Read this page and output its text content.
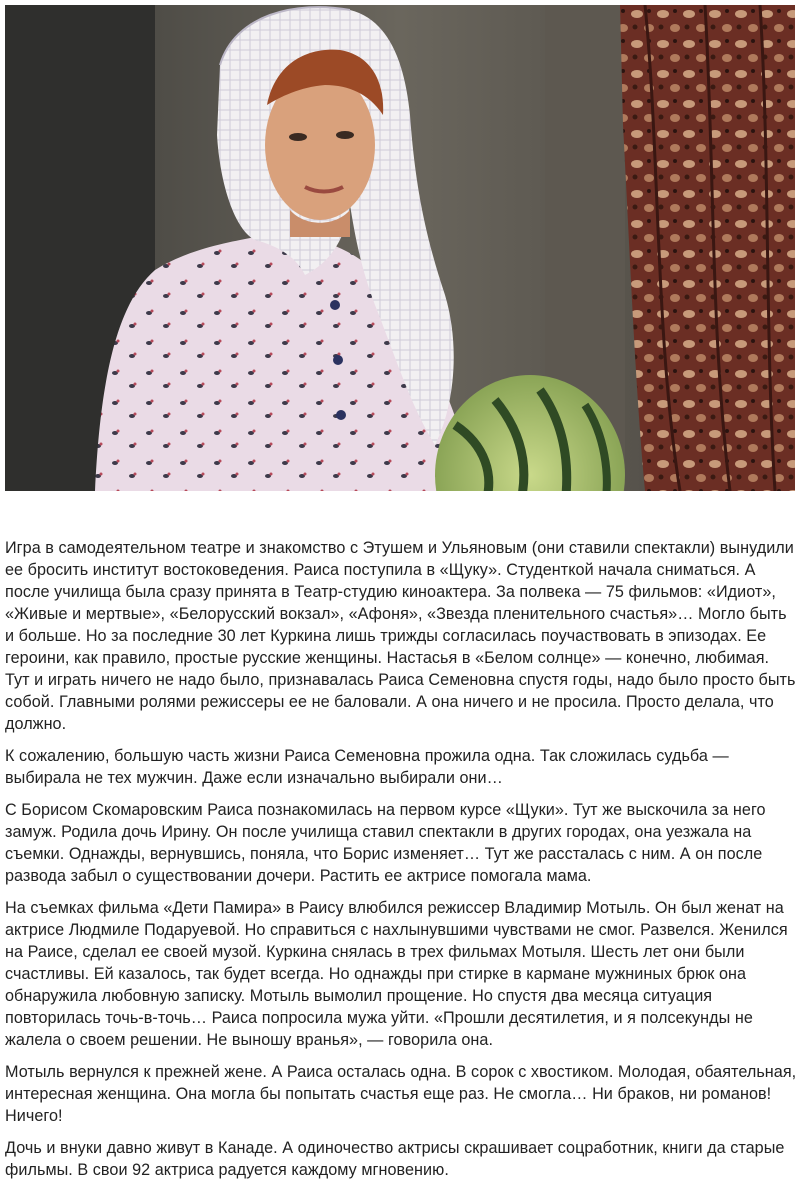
Игра в самодеятельном театре и знакомство с Этушем и Ульяновым (они ставили спектакли) вынудили ее бросить институт востоковедения. Раиса поступила в «Щуку». Студенткой начала сниматься. А после училища была сразу принята в Театр-студию киноактера. За полвека — 75 фильмов: «Идиот», «Живые и мертвые», «Белорусский вокзал», «Афоня», «Звезда пленительного счастья»… Могло быть и больше. Но за последние 30 лет Куркина лишь трижды согласилась поучаствовать в эпизодах. Ее героини, как правило, простые русские женщины. Настасья в «Белом солнце» — конечно, любимая. Тут и играть ничего не надо было, признавалась Раиса Семеновна спустя годы, надо было просто быть собой. Главными ролями режиссеры ее не баловали. А она ничего и не просила. Просто делала, что должно.

К сожалению, большую часть жизни Раиса Семеновна прожила одна. Так сложилась судьба — выбирала не тех мужчин. Даже если изначально выбирали они…

С Борисом Скомаровским Раиса познакомилась на первом курсе «Щуки». Тут же выскочила за него замуж. Родила дочь Ирину. Он после училища ставил спектакли в других городах, она уезжала на съемки. Однажды, вернувшись, поняла, что Борис изменяет… Тут же рассталась с ним. А он после развода забыл о существовании дочери. Растить ее актрисе помогала мама.

На съемках фильма «Дети Памира» в Раису влюбился режиссер Владимир Мотыль. Он был женат на актрисе Людмиле Подаруевой. Но справиться с нахлынувшими чувствами не смог. Развелся. Женился на Раисе, сделал ее своей музой. Куркина снялась в трех фильмах Мотыля. Шесть лет они были счастливы. Ей казалось, так будет всегда. Но однажды при стирке в кармане мужниных брюк она обнаружила любовную записку. Мотыль вымолил прощение. Но спустя два месяца ситуация повторилась точь-в-точь… Раиса попросила мужа уйти. «Прошли десятилетия, и я полсекунды не жалела о своем решении. Не выношу вранья», — говорила она.

Мотыль вернулся к прежней жене. А Раиса осталась одна. В сорок с хвостиком. Молодая, обаятельная, интересная женщина. Она могла бы попытать счастья еще раз. Не смогла… Ни браков, ни романов! Ничего!

Дочь и внуки давно живут в Канаде. А одиночество актрисы скрашивает соцработник, книги да старые фильмы. В свои 92 актриса радуется каждому мгновению.
